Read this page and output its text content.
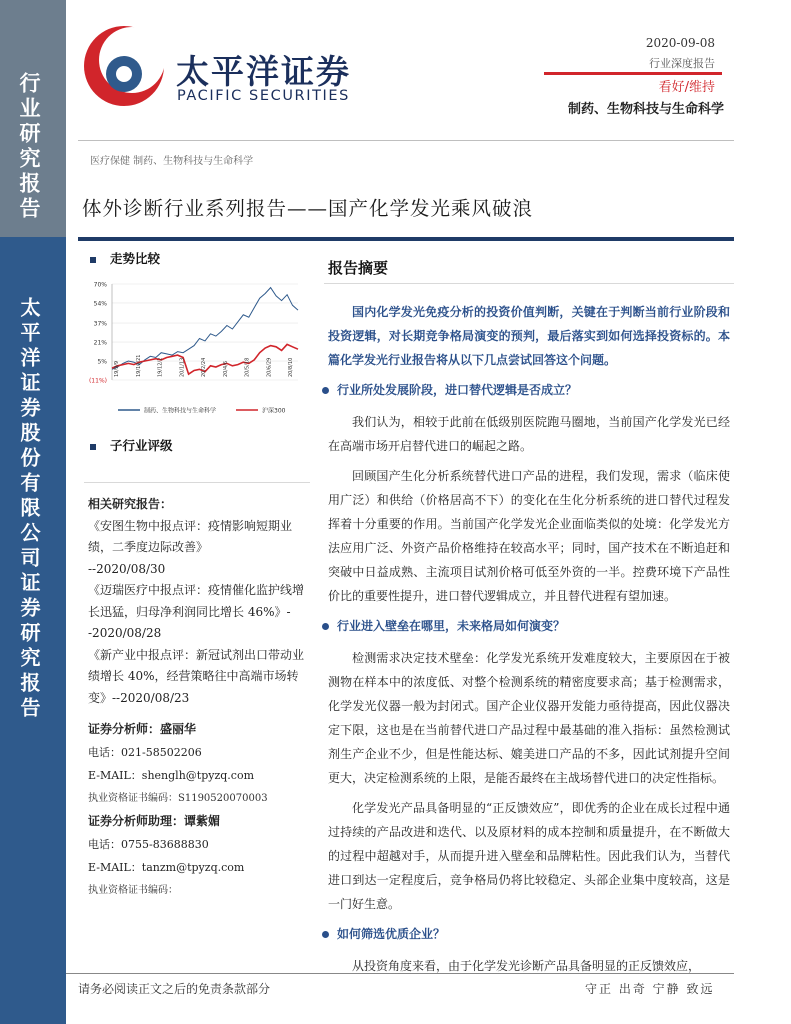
行业研究报告
太平洋证券股份有限公司证券研究报告
太平洋证券
PACIFIC SECURITIES
2020-09-08
行业深度报告
看好/维持
制药、生物科技与生命科学
医疗保健 制药、生物科技与生命科学
体外诊断行业系列报告——国产化学发光乘风破浪
走势比较
70%
54%
37%
21%
5%
(11%)
19/9/9	19/10/21	19/12/2	20/1/13	20/2/24	20/4/6	20/5/18	20/6/29	20/8/10
制药、生物科技与生命科学	沪深300
子行业评级
相关研究报告：
《安图生物中报点评：疫情影响短期业绩，二季度边际改善》
--2020/08/30
《迈瑞医疗中报点评：疫情催化监护线增长迅猛，归母净利润同比增长 46%》--2020/08/28
《新产业中报点评：新冠试剂出口带动业绩增长 40%，经营策略往中高端市场转变》--2020/08/23
证券分析师：盛丽华
电话：021-58502206
E-MAIL：shenglh@tpyzq.com
执业资格证书编码：S1190520070003
证券分析师助理：谭紫媚
电话：0755-83688830
E-MAIL：tanzm@tpyzq.com
执业资格证书编码：
报告摘要

国内化学发光免疫分析的投资价值判断，关键在于判断当前行业阶段和投资逻辑，对长期竞争格局演变的预判，最后落实到如何选择投资标的。本篇化学发光行业报告将从以下几点尝试回答这个问题。

行业所处发展阶段，进口替代逻辑是否成立？

我们认为，相较于此前在低级别医院跑马圈地，当前国产化学发光已经在高端市场开启替代进口的崛起之路。

回顾国产生化分析系统替代进口产品的进程，我们发现，需求（临床使用广泛）和供给（价格居高不下）的变化在生化分析系统的进口替代过程发挥着十分重要的作用。当前国产化学发光企业面临类似的处境：化学发光方法应用广泛、外资产品价格维持在较高水平；同时，国产技术在不断追赶和突破中日益成熟、主流项目试剂价格可低至外资的一半。控费环境下产品性价比的重要性提升，进口替代逻辑成立，并且替代进程有望加速。

行业进入壁垒在哪里，未来格局如何演变？

检测需求决定技术壁垒：化学发光系统开发难度较大，主要原因在于被测物在样本中的浓度低、对整个检测系统的精密度要求高；基于检测需求，化学发光仪器一般为封闭式。国产企业仪器开发能力亟待提高，因此仪器决定下限，这也是在当前替代进口产品过程中最基础的准入指标：虽然检测试剂生产企业不少，但是性能达标、媲美进口产品的不多，因此试剂提升空间更大，决定检测系统的上限，是能否最终在主战场替代进口的决定性指标。

化学发光产品具备明显的“正反馈效应”，即优秀的企业在成长过程中通过持续的产品改进和迭代、以及原材料的成本控制和质量提升，在不断做大的过程中超越对手，从而提升进入壁垒和品牌粘性。因此我们认为，当替代进口到达一定程度后，竞争格局仍将比较稳定、头部企业集中度较高，这是一门好生意。

如何筛选优质企业？

从投资角度来看，由于化学发光诊断产品具备明显的正反馈效应，

请务必阅读正文之后的免责条款部分	守正 出奇 宁静 致远
